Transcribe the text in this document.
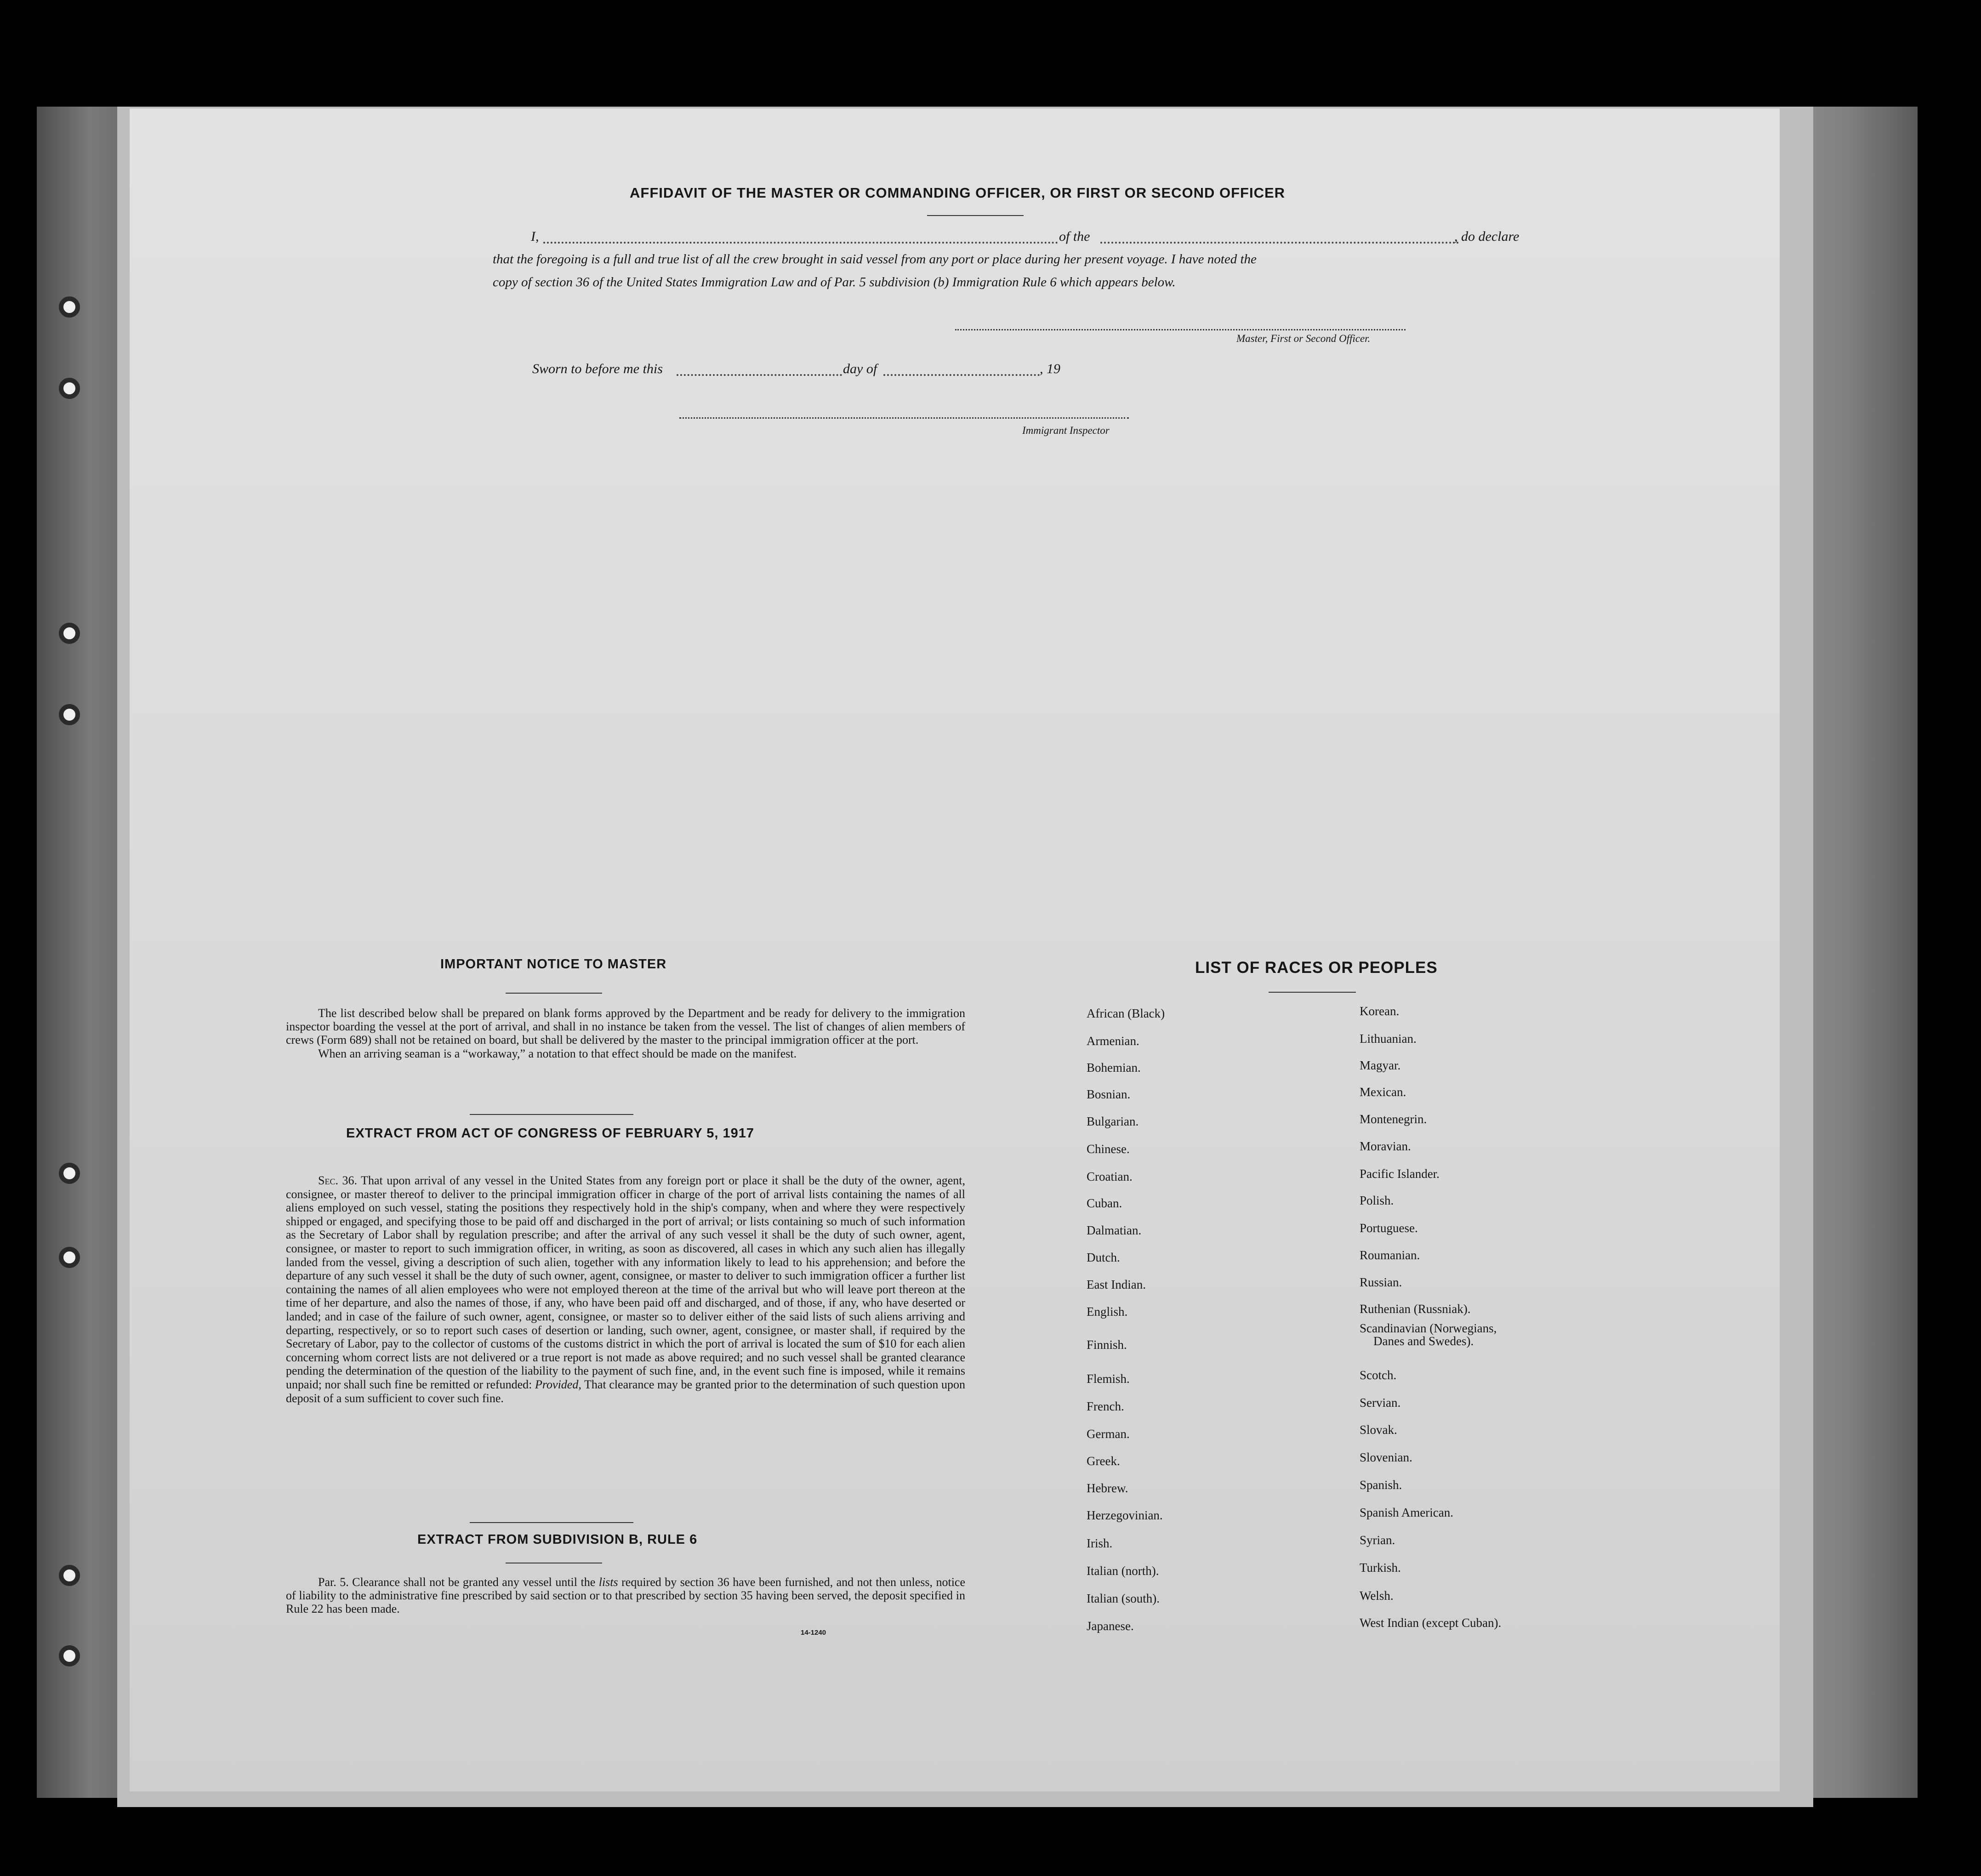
AFFIDAVIT OF THE MASTER OR COMMANDING OFFICER, OR FIRST OR SECOND OFFICER
I,	of the	, do declare
that the foregoing is a full and true list of all the crew brought in said vessel from any port or place during her present voyage. I have noted the
copy of section 36 of the United States Immigration Law and of Par. 5 subdivision (b) Immigration Rule 6 which appears below.
Master, First or Second Officer.
Sworn to before me this	day of	, 19
Immigrant Inspector
IMPORTANT NOTICE TO MASTER

The list described below shall be prepared on blank forms approved by the Department and be ready for delivery to the immigration inspector boarding the vessel at the port of arrival, and shall in no instance be taken from the vessel. The list of changes of alien members of crews (Form 689) shall not be retained on board, but shall be delivered by the master to the principal immigration officer at the port.

When an arriving seaman is a “workaway,” a notation to that effect should be made on the manifest.

EXTRACT FROM ACT OF CONGRESS OF FEBRUARY 5, 1917

Sec. 36. That upon arrival of any vessel in the United States from any foreign port or place it shall be the duty of the owner, agent, consignee, or master thereof to deliver to the principal immigration officer in charge of the port of arrival lists containing the names of all aliens employed on such vessel, stating the positions they respectively hold in the ship's company, when and where they were respectively shipped or engaged, and specifying those to be paid off and discharged in the port of arrival; or lists containing so much of such information as the Secretary of Labor shall by regulation prescribe; and after the arrival of any such vessel it shall be the duty of such owner, agent, consignee, or master to report to such immigration officer, in writing, as soon as discovered, all cases in which any such alien has illegally landed from the vessel, giving a description of such alien, together with any information likely to lead to his apprehension; and before the departure of any such vessel it shall be the duty of such owner, agent, consignee, or master to deliver to such immigration officer a further list containing the names of all alien employees who were not employed thereon at the time of the arrival but who will leave port thereon at the time of her departure, and also the names of those, if any, who have been paid off and discharged, and of those, if any, who have deserted or landed; and in case of the failure of such owner, agent, consignee, or master so to deliver either of the said lists of such aliens arriving and departing, respectively, or so to report such cases of desertion or landing, such owner, agent, consignee, or master shall, if required by the Secretary of Labor, pay to the collector of customs of the customs district in which the port of arrival is located the sum of $10 for each alien concerning whom correct lists are not delivered or a true report is not made as above required; and no such vessel shall be granted clearance pending the determination of the question of the liability to the payment of such fine, and, in the event such fine is imposed, while it remains unpaid; nor shall such fine be remitted or refunded: Provided, That clearance may be granted prior to the determination of such question upon deposit of a sum sufficient to cover such fine.

EXTRACT FROM SUBDIVISION B, RULE 6

Par. 5. Clearance shall not be granted any vessel until the lists required by section 36 have been furnished, and not then unless, notice of liability to the administrative fine prescribed by said section or to that prescribed by section 35 having been served, the deposit specified in Rule 22 has been made.

14-1240
LIST OF RACES OR PEOPLES
African (Black)
Armenian.
Bohemian.
Bosnian.
Bulgarian.
Chinese.
Croatian.
Cuban.
Dalmatian.
Dutch.
East Indian.
English.
Finnish.
Flemish.
French.
German.
Greek.
Hebrew.
Herzegovinian.
Irish.
Italian (north).
Italian (south).
Japanese.
Korean.
Lithuanian.
Magyar.
Mexican.
Montenegrin.
Moravian.
Pacific Islander.
Polish.
Portuguese.
Roumanian.
Russian.
Ruthenian (Russniak).
Scandinavian (Norwegians,
Danes and Swedes).
Scotch.
Servian.
Slovak.
Slovenian.
Spanish.
Spanish American.
Syrian.
Turkish.
Welsh.
West Indian (except Cuban).
